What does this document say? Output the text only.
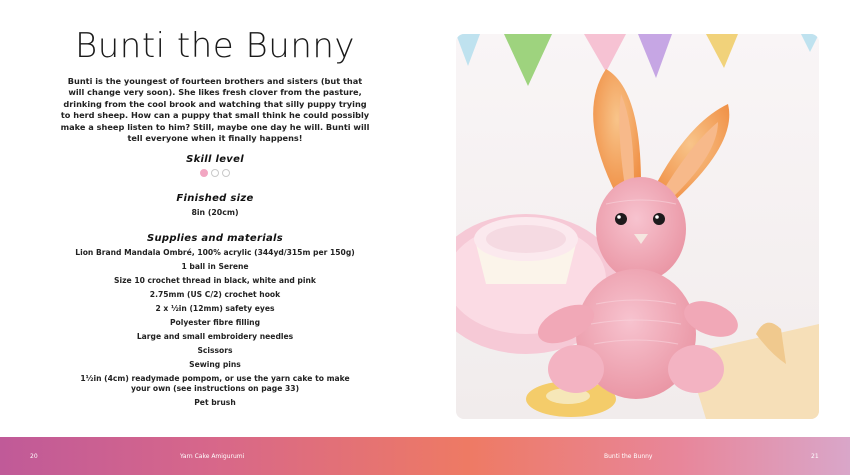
Bunti the Bunny

Bunti is the youngest of fourteen brothers and sisters (but that will change very soon). She likes fresh clover from the pasture, drinking from the cool brook and watching that silly puppy trying to herd sheep. How can a puppy that small think he could possibly make a sheep listen to him? Still, maybe one day he will. Bunti will tell everyone when it finally happens!

Skill level
Finished size
8in (20cm)
Supplies and materials
Lion Brand Mandala Ombré, 100% acrylic (344yd/315m per 150g)
1 ball in Serene
Size 10 crochet thread in black, white and pink
2.75mm (US C/2) crochet hook
2 x ½in (12mm) safety eyes
Polyester fibre filling
Large and small embroidery needles
Scissors
Sewing pins
1½in (4cm) readymade pompom, or use the yarn cake to make your own (see instructions on page 33)
Pet brush
20	Yarn Cake Amigurumi	Bunti the Bunny	21
